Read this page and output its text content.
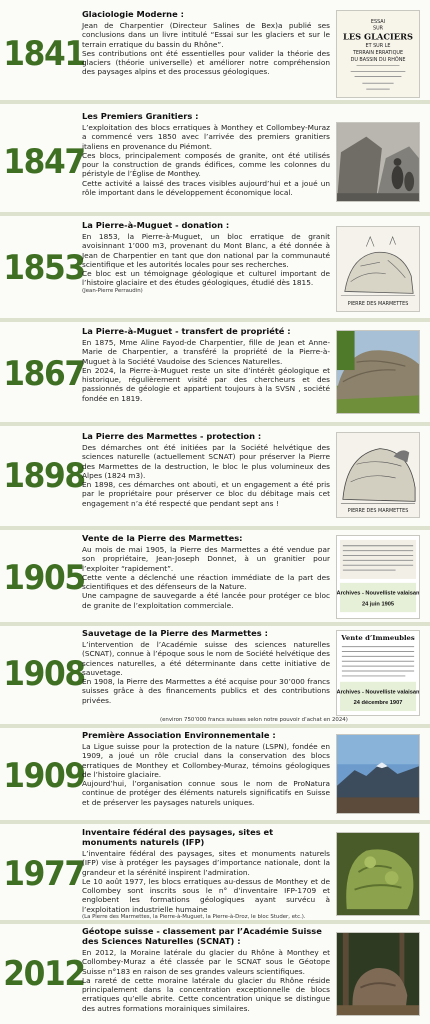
1841
Glaciologie Moderne :
Jean de Charpentier (Directeur Salines de Bex)a publié ses conclusions dans un livre intitulé “Essai sur les glaciers et sur le terrain erratique du bassin du Rhône”.
Ses contributions ont été essentielles pour valider la théorie des glaciers (théorie universelle) et améliorer notre compréhension des paysages alpins et des processus géologiques.
ESSAI
SUR
LES GLACIERS
ET SUR LE
TERRAIN ERRATIQUE
DU BASSIN DU RHÔNE
1847
Les Premiers Granitiers :
L’exploitation des blocs erratiques à Monthey et Collombey-Muraz a commencé vers 1850 avec l’arrivée des premiers granitiers italiens en provenance du Piémont.
Ces blocs, principalement composés de granite, ont été utilisés pour la construction de grands édifices, comme les colonnes du péristyle de l’Église de Monthey.
Cette activité a laissé des traces visibles aujourd’hui et a joué un rôle important dans le développement économique local.
1853
La Pierre-à-Muguet - donation :
En 1853, la Pierre-à-Muguet, un bloc erratique de granit avoisinnant 1’000 m3, provenant du Mont Blanc, a été donnée à Jean de Charpentier en tant que don national par la communauté scientifique et les autorités locales pour ses recherches.
Ce bloc est un témoignage géologique et culturel important de l’histoire glaciaire et des études géologiques, étudié dès 1815.
(Jean-Pierre Perraudin)
PIERRE DES MARMETTES
1867
La Pierre-à-Muguet - transfert de propriété :
En 1875, Mme Aline Fayod-de Charpentier, fille de Jean et Anne-Marie de Charpentier, a transféré la propriété de la Pierre-à-Muguet à la Société Vaudoise des Sciences Naturelles.
En 2024, la Pierre-à-Muguet reste un site d’intérêt géologique et historique, régulièrement visité par des chercheurs et des passionnés de géologie et appartient toujours à la SVSN , société fondée en 1819.
1898
La Pierre des Marmettes - protection :
Des démarches ont été initiées par la Société helvétique des sciences naturelle (actuellement SCNAT) pour préserver la Pierre des Marmettes de la destruction, le bloc le plus volumineux des Alpes (1824 m3).
En 1898, ces démarches ont abouti, et un engagement a été pris par le propriétaire pour préserver ce bloc du débitage mais cet engagement n’a été respecté que pendant sept ans !
PIERRE DES MARMETTES
1905
Vente de la Pierre des Marmettes:
Au mois de mai 1905, la Pierre des Marmettes a été vendue par son propriétaire, Jean-Joseph Donnet, à un granitier pour l’exploiter “rapidement”.
Cette vente a déclenché une réaction immédiate de la part des scientifiques et des défenseurs de la Nature.
Une campagne de sauvegarde a été lancée pour protéger ce bloc de granite de l’exploitation commerciale.
Archives - Nouvelliste valaisan
24 juin 1905
1908
Sauvetage de la Pierre des Marmettes :
L’intervention de l’Académie suisse des sciences naturelles (SCNAT), connue à l’époque sous le nom de Société helvétique des sciences naturelles, a été déterminante dans cette initiative de sauvetage.
En 1908, la Pierre des Marmettes a été acquise pour 30’000 francs suisses grâce à des financements publics et des contributions privées.
(environ 750’000 francs suisses selon notre pouvoir d’achat en 2024)
Vente d’Immeubles
Archives - Nouvelliste valaisan
24 décembre 1907
1909
Première Association Environnementale :
La Ligue suisse pour la protection de la nature (LSPN), fondée en 1909, a joué un rôle crucial dans la conservation des blocs erratiques de Monthey et Collombey-Muraz, témoins géologiques de l’histoire glaciaire.
Aujourd’hui, l’organisation connue sous le nom de ProNatura continue de protéger des éléments naturels significatifs en Suisse et de préserver les paysages naturels uniques.
1977
Inventaire fédéral des paysages, sites et monuments naturels (IFP)
L’inventaire fédéral des paysages, sites et monuments naturels (IFP) vise à protéger les paysages d’importance nationale, dont la grandeur et la sérénité inspirent l’admiration.
Le 10 août 1977, les blocs erratiques au-dessus de Monthey et de Collombey sont inscrits sous le n° d’inventaire IFP-1709 et englobent les formations géologiques ayant survécu à l’exploitation industrielle humaine
(La Pierre des Marmettes, la Pierre-à-Muguet, la Pierre-à-Droz, le bloc Studer, etc.).
2012
Géotope suisse - classement par l’Académie Suisse des Sciences Naturelles (SCNAT) :
En 2012, la Moraine latérale du glacier du Rhône à Monthey et Collombey-Muraz a été classée par le SCNAT sous le Géotope Suisse n°183 en raison de ses grandes valeurs scientifiques.
La rareté de cette moraine latérale du glacier du Rhône réside principalement dans la concentration exceptionnelle de blocs erratiques qu’elle abrite. Cette concentration unique se distingue des autres formations morainiques similaires.
